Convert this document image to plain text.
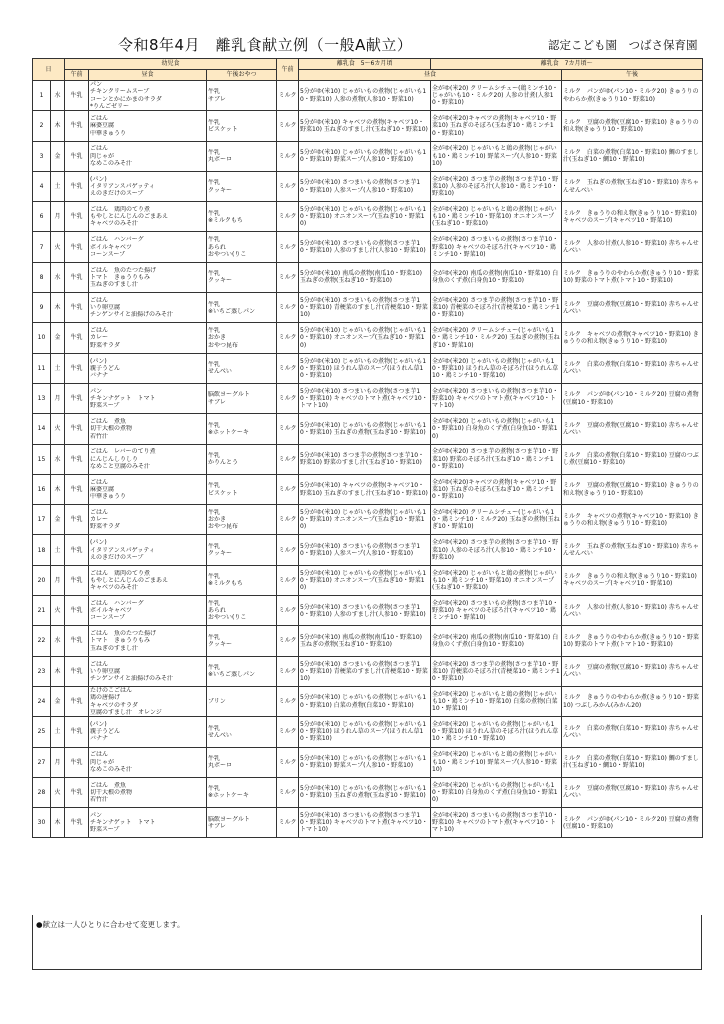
令和8年4月　離乳食献立例（一般A献立）	認定こども園　つばさ保育園
日		幼児食			午前	離乳食　5～6カ月頃	離乳食　7カ月頃～	
		午前	昼食	午後おやつ		昼食		午後
1	水	牛乳	パン
チキンクリームスープ
コーンとかにかまのサラダ
*りんごゼリー	牛乳
サブレ	ミルク	5分がゆ(米10) じゃがいもの煮物(じゃがいも10・野菜10) 人参の煮物(人参10・野菜10)	全がゆ(米20) クリームシチュー(鶏ミンチ10・じゃがいも10・ミルク20) 人参の甘煮(人参10・野菜10)	ミルク　パンがゆ(パン10・ミルク20) きゅうりのやわらか煮(きゅうり10・野菜10)
2	木	牛乳	ごはん
麻婆豆腐
中華きゅうり	牛乳
ビスケット	ミルク	5分がゆ(米10) キャベツの煮物(キャベツ10・野菜10) 玉ねぎのすまし汁(玉ねぎ10・野菜10)	全がゆ(米20)キャベツの煮物(キャベツ10・野菜10) 玉ねぎのそぼろ(玉ねぎ10・鶏ミンチ10・野菜10)	ミルク　豆腐の煮物(豆腐10・野菜10) きゅうりの和え物(きゅうり10・野菜10)
3	金	牛乳	ごはん
肉じゃが
なめこのみそ汁	牛乳
丸ボーロ	ミルク	5分がゆ(米10) じゃがいもの煮物(じゃがいも10・野菜10) 野菜スープ(人参10・野菜10)	全がゆ(米20) じゃがいもと鶏の煮物(じゃがいも10・鶏ミンチ10) 野菜スープ(人参10・野菜10)	ミルク　白菜の煮物(白菜10・野菜10) 鯛のすまし汁(玉ねぎ10・鯛10・野菜10)
4	土	牛乳	(パン)
イタリアンスパゲッティ
えのきだけのスープ	牛乳
クッキー	ミルク	5分がゆ(米10) さつまいもの煮物(さつま芋10・野菜10) 人参スープ(人参10・野菜10)	全がゆ(米20) さつま芋の煮物(さつま芋10・野菜10) 人参のそぼろ汁(人参10・鶏ミンチ10・野菜10)	ミルク　玉ねぎの煮物(玉ねぎ10・野菜10) 赤ちゃんせんべい
6	月	牛乳	ごはん　鶏肉のてり煮
もやしとにんじんのごまあえ
キャベツのみそ汁	牛乳
※ミルクもち	ミルク	5分がゆ(米10) じゃがいもの煮物(じゃがいも10・野菜10) オニオンスープ(玉ねぎ10・野菜10)	全がゆ(米20) じゃがいもと鶏の煮物(じゃがいも10・鶏ミンチ10・野菜10) オニオンスープ(玉ねぎ10・野菜10)	ミルク　きゅうりの和え物(きゅうり10・野菜10) キャベツのスープ(キャベツ10・野菜10)
7	火	牛乳	ごはん　ハンバーグ
ボイルキャベツ
コーンスープ	牛乳
あられ
おやつい(りこ	ミルク	5分がゆ(米10) さつまいもの煮物(さつま芋10・野菜10) 人参のすまし汁(人参10・野菜10)	全がゆ(米20) さつまいもの煮物(さつま芋10・野菜10) キャベツのそぼろ汁(キャベツ10・鶏ミンチ10・野菜10)	ミルク　人参の甘煮(人参10・野菜10) 赤ちゃんせんべい
8	水	牛乳	ごはん　魚のたつた揚げ
トマト　きゅうりもみ
玉ねぎのすまし汁	牛乳
クッキー	ミルク	5分がゆ(米10) 南瓜の煮物(南瓜10・野菜10) 玉ねぎの煮物(玉ねぎ10・野菜10)	全がゆ(米20) 南瓜の煮物(南瓜10・野菜10) 白身魚のくず煮(白身魚10・野菜10)	ミルク　きゅうりのやわらか煮(きゅうり10・野菜10) 野菜のトマト煮(トマト10・野菜10)
9	木	牛乳	ごはん
いり卵豆腐
チンゲンサイと油揚げのみそ汁	牛乳
※いちご蒸しパン	ミルク	5分がゆ(米10) さつまいもの煮物(さつま芋10・野菜10) 青梗菜のすまし汁(青梗菜10・野菜10)	全がゆ(米20) さつま芋の煮物(さつま芋10・野菜10) 青梗菜のそぼろ汁(青梗菜10・鶏ミンチ10・野菜10)	ミルク　豆腐の煮物(豆腐10・野菜10) 赤ちゃんせんべい
10	金	牛乳	ごはん
カレー
野菜サラダ	牛乳
おかき
おやつ昆布	ミルク	5分がゆ(米10) じゃがいもの煮物(じゃがいも10・野菜10) オニオンスープ(玉ねぎ10・野菜10)	全がゆ(米20) クリームシチュー(じゃがいも10・鶏ミンチ10・ミルク20) 玉ねぎの煮物(玉ねぎ10・野菜10)	ミルク　キャベツの煮物(キャベツ10・野菜10) きゅうりの和え物(きゅうり10・野菜10)
11	土	牛乳	(パン)
親子うどん
バナナ	牛乳
せんべい	ミルク	5分がゆ(米10) じゃがいもの煮物(じゃがいも10・野菜10) ほうれん草のスープ(ほうれん草10・野菜10)	全がゆ(米20) じゃがいもの煮物(じゃがいも10・野菜10) ほうれん草のそぼろ汁(ほうれん草10・鶏ミンチ10・野菜10)	ミルク　白菜の煮物(白菜10・野菜10) 赤ちゃんせんべい
13	月	牛乳	パン
チキンナゲット　トマト
野菜スープ	脳飲ヨーグルト
サブレ	ミルク	5分がゆ(米10) さつまいもの煮物(さつま芋10・野菜10) キャベツのトマト煮(キャベツ10・トマト10)	全がゆ(米20) さつまいもの煮物(さつま芋10・野菜10) キャベツのトマト煮(キャベツ10・トマト10)	ミルク　パンがゆ(パン10・ミルク20) 豆腐の煮物(豆腐10・野菜10)
14	火	牛乳	ごはん　煮魚
切干大根の煮物
若竹汁	牛乳
※ホットケーキ	ミルク	5分がゆ(米10) じゃがいもの煮物(じゃがいも10・野菜10) 玉ねぎの煮物(玉ねぎ10・野菜10)	全がゆ(米20) じゃがいもの煮物(じゃがいも10・野菜10) 白身魚のくず煮(白身魚10・野菜10)	ミルク　豆腐の煮物(豆腐10・野菜10) 赤ちゃんせんべい
15	水	牛乳	ごはん　レバーのてり煮
にんじんしりしり
なめこと豆腐のみそ汁	牛乳
かりんとう	ミルク	5分がゆ(米10) さつま芋の煮物(さつま芋10・野菜10) 野菜のすまし汁(玉ねぎ10・野菜10)	全がゆ(米20) さつま芋の煮物(さつま芋10・野菜10) 野菜のそぼろ汁(玉ねぎ10・鶏ミンチ10・野菜10)	ミルク　白菜の煮物(白菜10・野菜10) 豆腐のつぶし煮(豆腐10・野菜10)
16	木	牛乳	ごはん
麻婆豆腐
中華きゅうり	牛乳
ビスケット	ミルク	5分がゆ(米10) キャベツの煮物(キャベツ10・野菜10) 玉ねぎのすまし汁(玉ねぎ10・野菜10)	全がゆ(米20)キャベツの煮物(キャベツ10・野菜10) 玉ねぎのそぼろ(玉ねぎ10・鶏ミンチ10・野菜10)	ミルク　豆腐の煮物(豆腐10・野菜10) きゅうりの和え物(きゅうり10・野菜10)
17	金	牛乳	ごはん
カレー
野菜サラダ	牛乳
おかき
おやつ昆布	ミルク	5分がゆ(米10) じゃがいもの煮物(じゃがいも10・野菜10) オニオンスープ(玉ねぎ10・野菜10)	全がゆ(米20) クリームシチュー(じゃがいも10・鶏ミンチ10・ミルク20) 玉ねぎの煮物(玉ねぎ10・野菜10)	ミルク　キャベツの煮物(キャベツ10・野菜10) きゅうりの和え物(きゅうり10・野菜10)
18	土	牛乳	(パン)
イタリアンスパゲッティ
えのきだけのスープ	牛乳
クッキー	ミルク	5分がゆ(米10) さつまいもの煮物(さつま芋10・野菜10) 人参スープ(人参10・野菜10)	全がゆ(米20) さつま芋の煮物(さつま芋10・野菜10) 人参のそぼろ汁(人参10・鶏ミンチ10・野菜10)	ミルク　玉ねぎの煮物(玉ねぎ10・野菜10) 赤ちゃんせんべい
20	月	牛乳	ごはん　鶏肉のてり煮
もやしとにんじんのごまあえ
キャベツのみそ汁	牛乳
※ミルクもち	ミルク	5分がゆ(米10) じゃがいもの煮物(じゃがいも10・野菜10) オニオンスープ(玉ねぎ10・野菜10)	全がゆ(米20) じゃがいもと鶏の煮物(じゃがいも10・鶏ミンチ10・野菜10) オニオンスープ(玉ねぎ10・野菜10)	ミルク　きゅうりの和え物(きゅうり10・野菜10) キャベツのスープ(キャベツ10・野菜10)
21	火	牛乳	ごはん　ハンバーグ
ボイルキャベツ
コーンスープ	牛乳
あられ
おやつい(りこ	ミルク	5分がゆ(米10) さつまいもの煮物(さつま芋10・野菜10) 人参のすまし汁(人参10・野菜10)	全がゆ(米20) さつまいもの煮物(さつま芋10・野菜10) キャベツのそぼろ汁(キャベツ10・鶏ミンチ10・野菜10)	ミルク　人参の甘煮(人参10・野菜10) 赤ちゃんせんべい
22	水	牛乳	ごはん　魚のたつた揚げ
トマト　きゅうりもみ
玉ねぎのすまし汁	牛乳
クッキー	ミルク	5分がゆ(米10) 南瓜の煮物(南瓜10・野菜10) 玉ねぎの煮物(玉ねぎ10・野菜10)	全がゆ(米20) 南瓜の煮物(南瓜10・野菜10) 白身魚のくず煮(白身魚10・野菜10)	ミルク　きゅうりのやわらか煮(きゅうり10・野菜10) 野菜のトマト煮(トマト10・野菜10)
23	木	牛乳	ごはん
いり卵豆腐
チンゲンサイと油揚げのみそ汁	牛乳
※いちご蒸しパン	ミルク	5分がゆ(米10) さつまいもの煮物(さつま芋10・野菜10) 青梗菜のすまし汁(青梗菜10・野菜10)	全がゆ(米20) さつま芋の煮物(さつま芋10・野菜10) 青梗菜のそぼろ汁(青梗菜10・鶏ミンチ10・野菜10)	ミルク　豆腐の煮物(豆腐10・野菜10) 赤ちゃんせんべい
24	金	牛乳	たけのこごはん
鶏の唐揚げ
キャベツのサラダ
豆腐のすまし汁　オレンジ	プリン	ミルク	5分がゆ(米10) じゃがいもの煮物(じゃがいも10・野菜10) 白菜の煮物(白菜10・野菜10)	全がゆ(米20) じゃがいもと鶏の煮物(じゃがいも10・鶏ミンチ10・野菜10) 白菜の煮物(白菜10・野菜10)	ミルク　きゅうりのやわらか煮(きゅうり10・野菜10) つぶしみかん(みかん20)
25	土	牛乳	(パン)
親子うどん
バナナ	牛乳
せんべい	ミルク	5分がゆ(米10) じゃがいもの煮物(じゃがいも10・野菜10) ほうれん草のスープ(ほうれん草10・野菜10)	全がゆ(米20) じゃがいもの煮物(じゃがいも10・野菜10) ほうれん草のそぼろ汁(ほうれん草10・鶏ミンチ10・野菜10)	ミルク　白菜の煮物(白菜10・野菜10) 赤ちゃんせんべい
27	月	牛乳	ごはん
肉じゃが
なめこのみそ汁	牛乳
丸ボーロ	ミルク	5分がゆ(米10) じゃがいもの煮物(じゃがいも10・野菜10) 野菜スープ(人参10・野菜10)	全がゆ(米20) じゃがいもと鶏の煮物(じゃがいも10・鶏ミンチ10) 野菜スープ(人参10・野菜10)	ミルク　白菜の煮物(白菜10・野菜10) 鯛のすまし汁(玉ねぎ10・鯛10・野菜10)
28	火	牛乳	ごはん　煮魚
切干大根の煮物
若竹汁	牛乳
※ホットケーキ	ミルク	5分がゆ(米10) じゃがいもの煮物(じゃがいも10・野菜10) 玉ねぎの煮物(玉ねぎ10・野菜10)	全がゆ(米20) じゃがいもの煮物(じゃがいも10・野菜10) 白身魚のくず煮(白身魚10・野菜10)	ミルク　豆腐の煮物(豆腐10・野菜10) 赤ちゃんせんべい
30	木	牛乳	パン
チキンナゲット　トマト
野菜スープ	脳飲ヨーグルト
サブレ	ミルク	5分がゆ(米10) さつまいもの煮物(さつま芋10・野菜10) キャベツのトマト煮(キャベツ10・トマト10)	全がゆ(米20) さつまいもの煮物(さつま芋10・野菜10) キャベツのトマト煮(キャベツ10・トマト10)	ミルク　パンがゆ(パン10・ミルク20) 豆腐の煮物(豆腐10・野菜10)
●献立は一人ひとりに合わせて変更します。
